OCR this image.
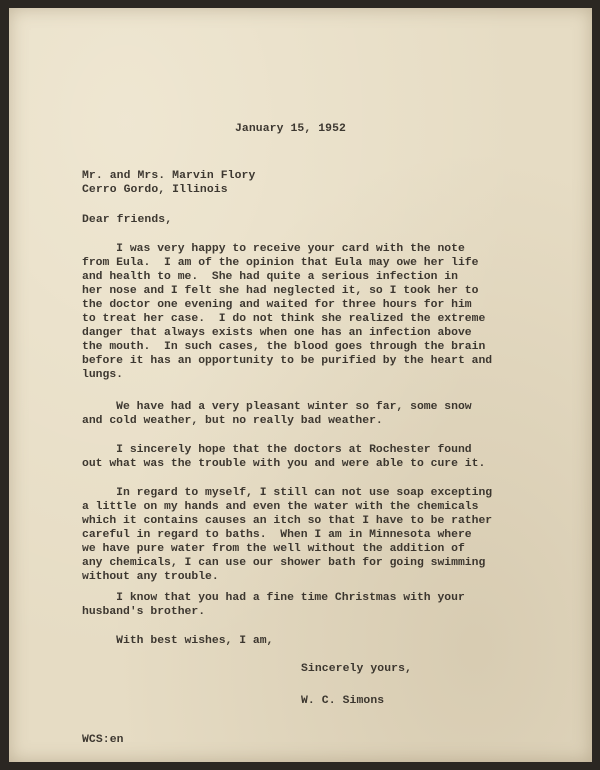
January 15, 1952
Mr. and Mrs. Marvin Flory
Cerro Gordo, Illinois
Dear friends,
I was very happy to receive your card with the note
from Eula.  I am of the opinion that Eula may owe her life
and health to me.  She had quite a serious infection in
her nose and I felt she had neglected it, so I took her to
the doctor one evening and waited for three hours for him
to treat her case.  I do not think she realized the extreme
danger that always exists when one has an infection above
the mouth.  In such cases, the blood goes through the brain
before it has an opportunity to be purified by the heart and
lungs.
We have had a very pleasant winter so far, some snow
and cold weather, but no really bad weather.
I sincerely hope that the doctors at Rochester found
out what was the trouble with you and were able to cure it.
In regard to myself, I still can not use soap excepting
a little on my hands and even the water with the chemicals
which it contains causes an itch so that I have to be rather
careful in regard to baths.  When I am in Minnesota where
we have pure water from the well without the addition of
any chemicals, I can use our shower bath for going swimming
without any trouble.
I know that you had a fine time Christmas with your
husband's brother.
With best wishes, I am,
Sincerely yours,
W. C. Simons
WCS:en
